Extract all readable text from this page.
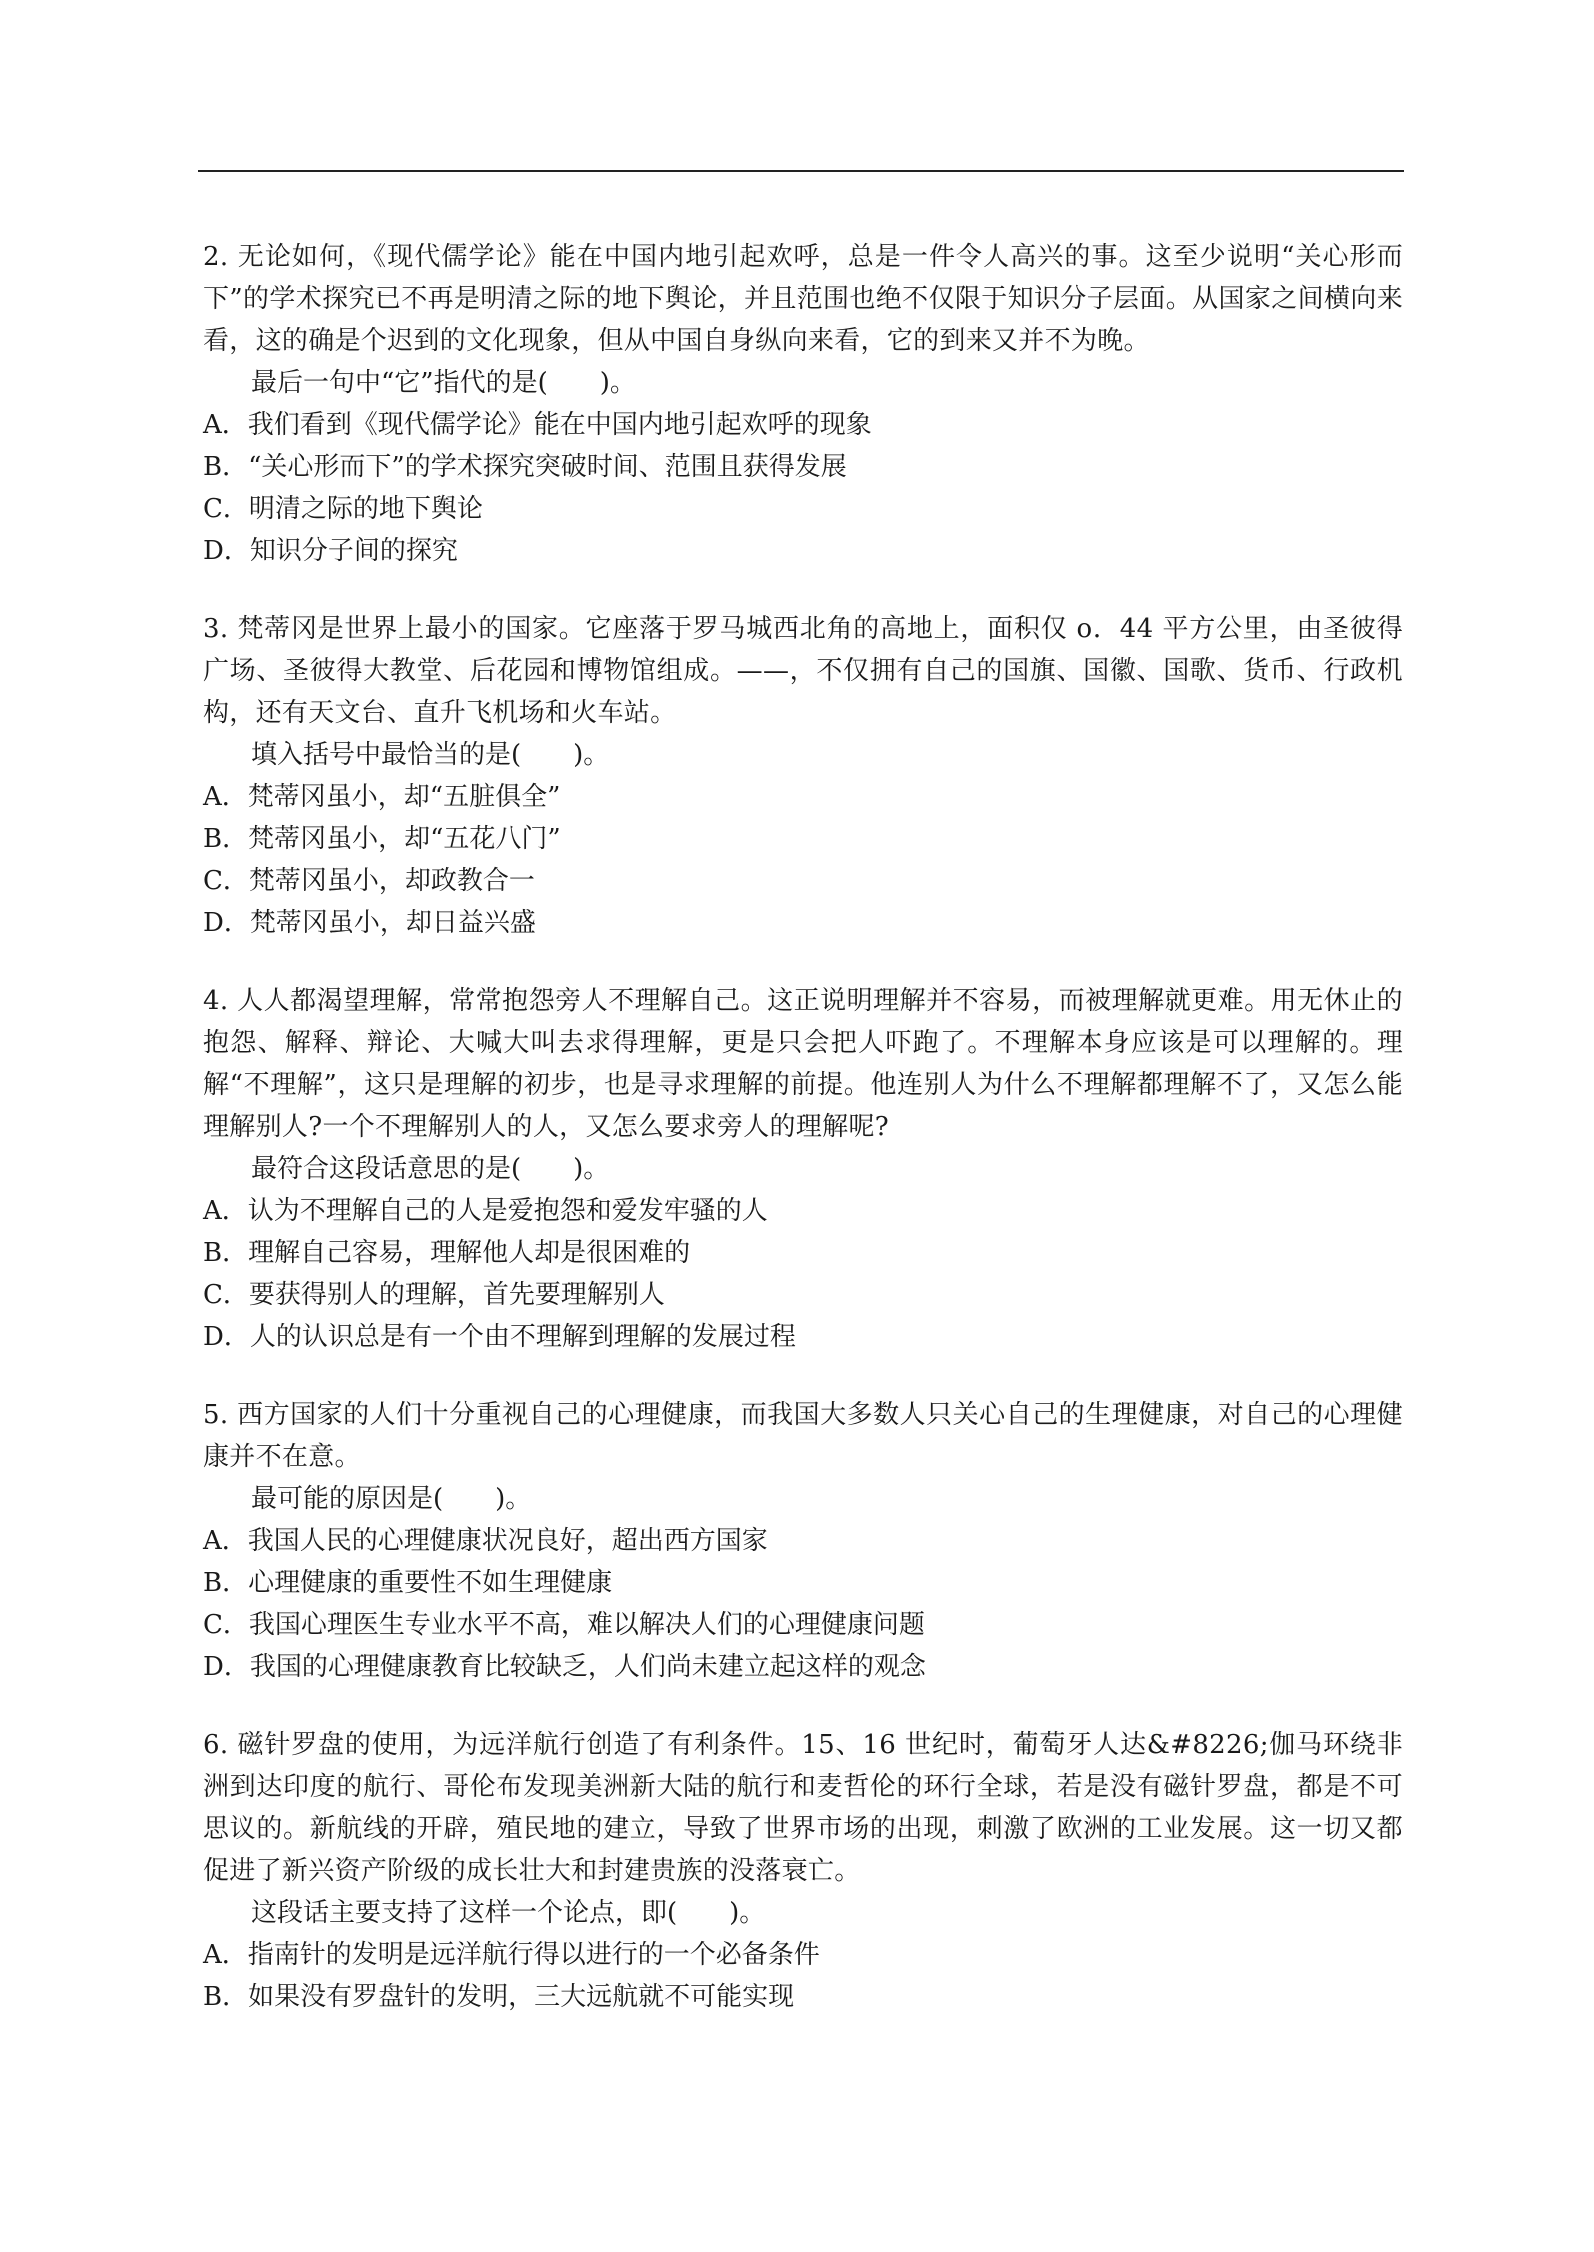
2. 无论如何，《现代儒学论》能在中国内地引起欢呼，总是一件令人高兴的事。这至少说明“关心形而下”的学术探究已不再是明清之际的地下舆论，并且范围也绝不仅限于知识分子层面。从国家之间横向来看，这的确是个迟到的文化现象，但从中国自身纵向来看，它的到来又并不为晚。

最后一句中“它”指代的是(　　)。

A．我们看到《现代儒学论》能在中国内地引起欢呼的现象
B．“关心形而下”的学术探究突破时间、范围且获得发展
C．明清之际的地下舆论
D．知识分子间的探究

3. 梵蒂冈是世界上最小的国家。它座落于罗马城西北角的高地上，面积仅 o．44 平方公里，由圣彼得广场、圣彼得大教堂、后花园和博物馆组成。——，不仅拥有自己的国旗、国徽、国歌、货币、行政机构，还有天文台、直升飞机场和火车站。

填入括号中最恰当的是(　　)。

A．梵蒂冈虽小，却“五脏俱全”
B．梵蒂冈虽小，却“五花八门”
C．梵蒂冈虽小，却政教合一
D．梵蒂冈虽小，却日益兴盛

4. 人人都渴望理解，常常抱怨旁人不理解自己。这正说明理解并不容易，而被理解就更难。用无休止的抱怨、解释、辩论、大喊大叫去求得理解，更是只会把人吓跑了。不理解本身应该是可以理解的。理解“不理解”，这只是理解的初步，也是寻求理解的前提。他连别人为什么不理解都理解不了，又怎么能理解别人?一个不理解别人的人，又怎么要求旁人的理解呢?

最符合这段话意思的是(　　)。

A．认为不理解自己的人是爱抱怨和爱发牢骚的人
B．理解自己容易，理解他人却是很困难的
C．要获得别人的理解，首先要理解别人
D．人的认识总是有一个由不理解到理解的发展过程

5. 西方国家的人们十分重视自己的心理健康，而我国大多数人只关心自己的生理健康，对自己的心理健康并不在意。

最可能的原因是(　　)。

A．我国人民的心理健康状况良好，超出西方国家
B．心理健康的重要性不如生理健康
C．我国心理医生专业水平不高，难以解决人们的心理健康问题
D．我国的心理健康教育比较缺乏，人们尚未建立起这样的观念

6. 磁针罗盘的使用，为远洋航行创造了有利条件。15、16 世纪时，葡萄牙人达&#8226;伽马环绕非洲到达印度的航行、哥伦布发现美洲新大陆的航行和麦哲伦的环行全球，若是没有磁针罗盘，都是不可思议的。新航线的开辟，殖民地的建立，导致了世界市场的出现，刺激了欧洲的工业发展。这一切又都促进了新兴资产阶级的成长壮大和封建贵族的没落衰亡。

这段话主要支持了这样一个论点，即(　　)。

A．指南针的发明是远洋航行得以进行的一个必备条件
B．如果没有罗盘针的发明，三大远航就不可能实现
